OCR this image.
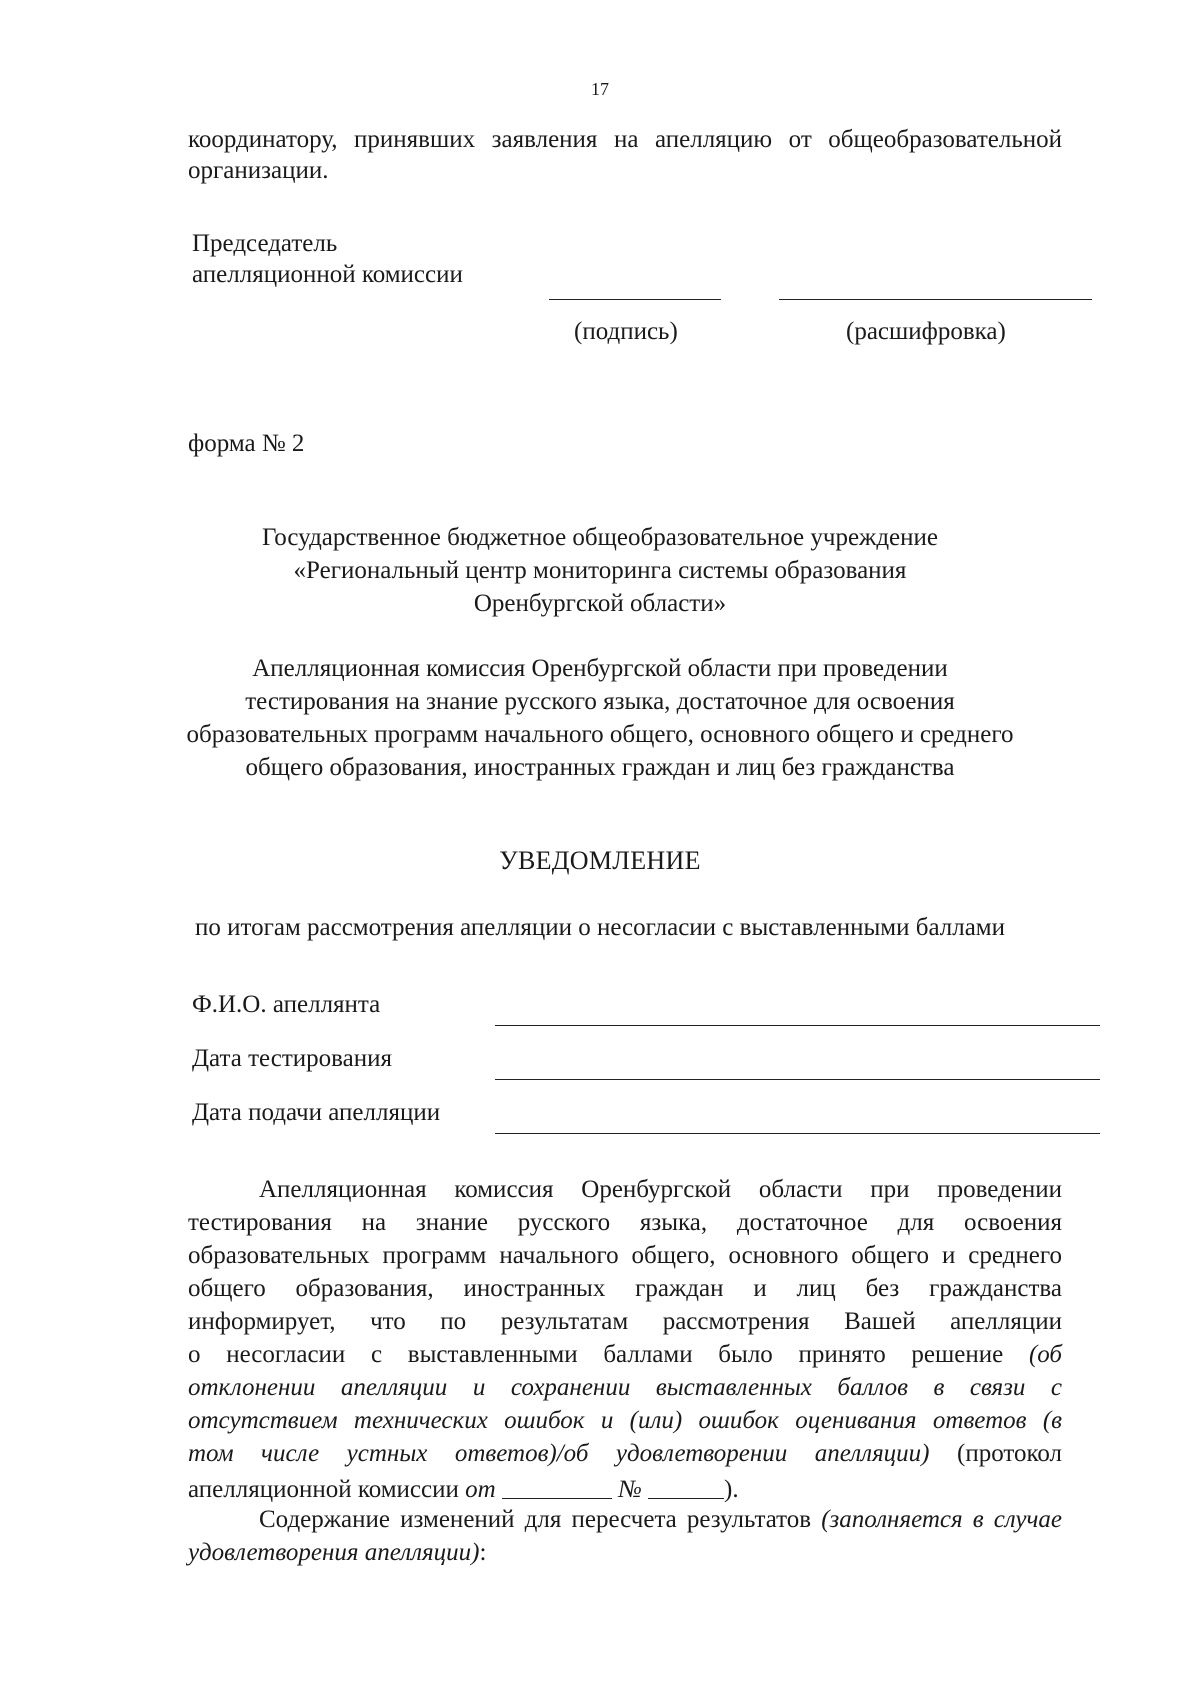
17
координатору, принявших заявления на апелляцию от общеобразовательной
организации.
Председатель
апелляционной комиссии
(подпись)	(расшифровка)
форма № 2
Государственное бюджетное общеобразовательное учреждение
«Региональный центр мониторинга системы образования
Оренбургской области»
Апелляционная комиссия Оренбургской области при проведении
тестирования на знание русского языка, достаточное для освоения
образовательных программ начального общего, основного общего и среднего
общего образования, иностранных граждан и лиц без гражданства
УВЕДОМЛЕНИЕ
по итогам рассмотрения апелляции о несогласии с выставленными баллами
Ф.И.О. апеллянта
Дата тестирования
Дата подачи апелляции
Апелляционная комиссия Оренбургской области при проведении
тестирования на знание русского языка, достаточное для освоения
образовательных программ начального общего, основного общего и среднего
общего образования, иностранных граждан и лиц без гражданства
информирует, что по результатам рассмотрения Вашей апелляции
о несогласии с выставленными баллами было принято решение (об
отклонении апелляции и сохранении выставленных баллов в связи с
отсутствием технических ошибок и (или) ошибок оценивания ответов (в
том числе устных ответов)/об удовлетворении апелляции) (протокол
апелляционной комиссии от	№	).
Содержание изменений для пересчета результатов (заполняется в случае
удовлетворения апелляции):
